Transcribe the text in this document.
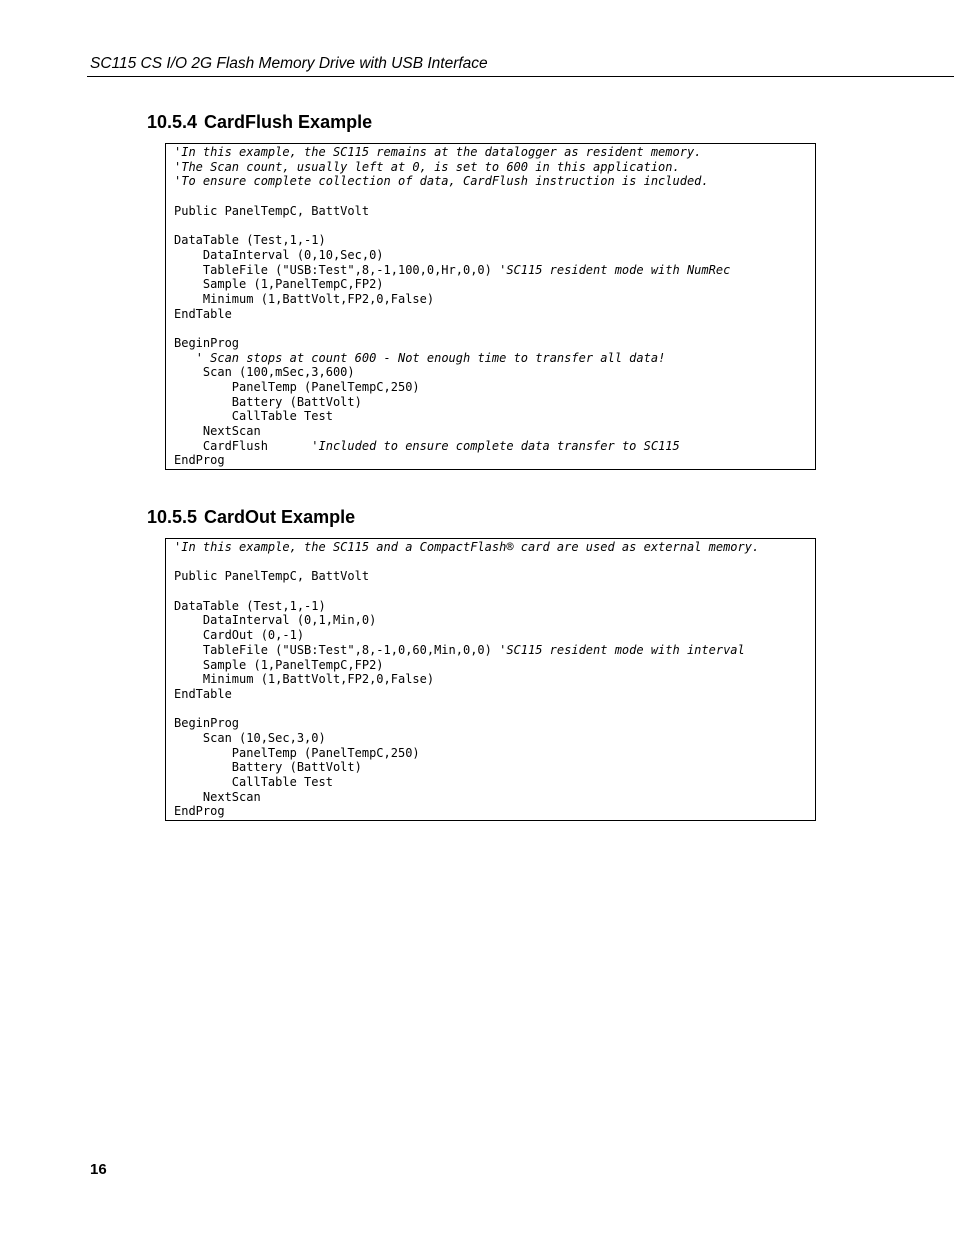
SC115 CS I/O 2G Flash Memory Drive with USB Interface
10.5.4 CardFlush Example
'In this example, the SC115 remains at the datalogger as resident memory.
'The Scan count, usually left at 0, is set to 600 in this application.
'To ensure complete collection of data, CardFlush instruction is included.
Public PanelTempC, BattVolt
DataTable (Test,1,-1)
DataInterval (0,10,Sec,0)
TableFile ("USB:Test",8,-1,100,0,Hr,0,0) 'SC115 resident mode with NumRec
Sample (1,PanelTempC,FP2)
Minimum (1,BattVolt,FP2,0,False)
EndTable
BeginProg
' Scan stops at count 600 - Not enough time to transfer all data!
Scan (100,mSec,3,600)
PanelTemp (PanelTempC,250)
Battery (BattVolt)
CallTable Test
NextScan
CardFlush      'Included to ensure complete data transfer to SC115
EndProg
10.5.5 CardOut Example
'In this example, the SC115 and a CompactFlash® card are used as external memory.
Public PanelTempC, BattVolt
DataTable (Test,1,-1)
DataInterval (0,1,Min,0)
CardOut (0,-1)
TableFile ("USB:Test",8,-1,0,60,Min,0,0) 'SC115 resident mode with interval
Sample (1,PanelTempC,FP2)
Minimum (1,BattVolt,FP2,0,False)
EndTable
BeginProg
Scan (10,Sec,3,0)
PanelTemp (PanelTempC,250)
Battery (BattVolt)
CallTable Test
NextScan
EndProg
16
